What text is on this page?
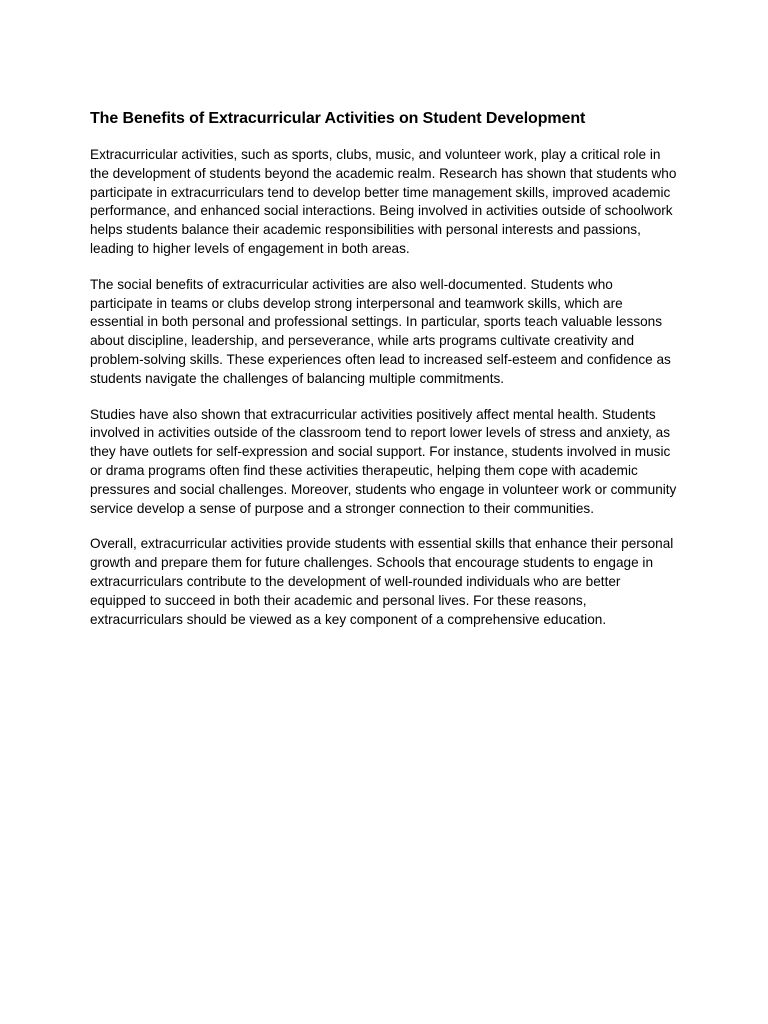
The Benefits of Extracurricular Activities on Student Development

Extracurricular activities, such as sports, clubs, music, and volunteer work, play a critical role in the development of students beyond the academic realm. Research has shown that students who participate in extracurriculars tend to develop better time management skills, improved academic performance, and enhanced social interactions. Being involved in activities outside of schoolwork helps students balance their academic responsibilities with personal interests and passions, leading to higher levels of engagement in both areas.

The social benefits of extracurricular activities are also well-documented. Students who participate in teams or clubs develop strong interpersonal and teamwork skills, which are essential in both personal and professional settings. In particular, sports teach valuable lessons about discipline, leadership, and perseverance, while arts programs cultivate creativity and problem-solving skills. These experiences often lead to increased self-esteem and confidence as students navigate the challenges of balancing multiple commitments.

Studies have also shown that extracurricular activities positively affect mental health. Students involved in activities outside of the classroom tend to report lower levels of stress and anxiety, as they have outlets for self-expression and social support. For instance, students involved in music or drama programs often find these activities therapeutic, helping them cope with academic pressures and social challenges. Moreover, students who engage in volunteer work or community service develop a sense of purpose and a stronger connection to their communities.

Overall, extracurricular activities provide students with essential skills that enhance their personal growth and prepare them for future challenges. Schools that encourage students to engage in extracurriculars contribute to the development of well-rounded individuals who are better equipped to succeed in both their academic and personal lives. For these reasons, extracurriculars should be viewed as a key component of a comprehensive education.
